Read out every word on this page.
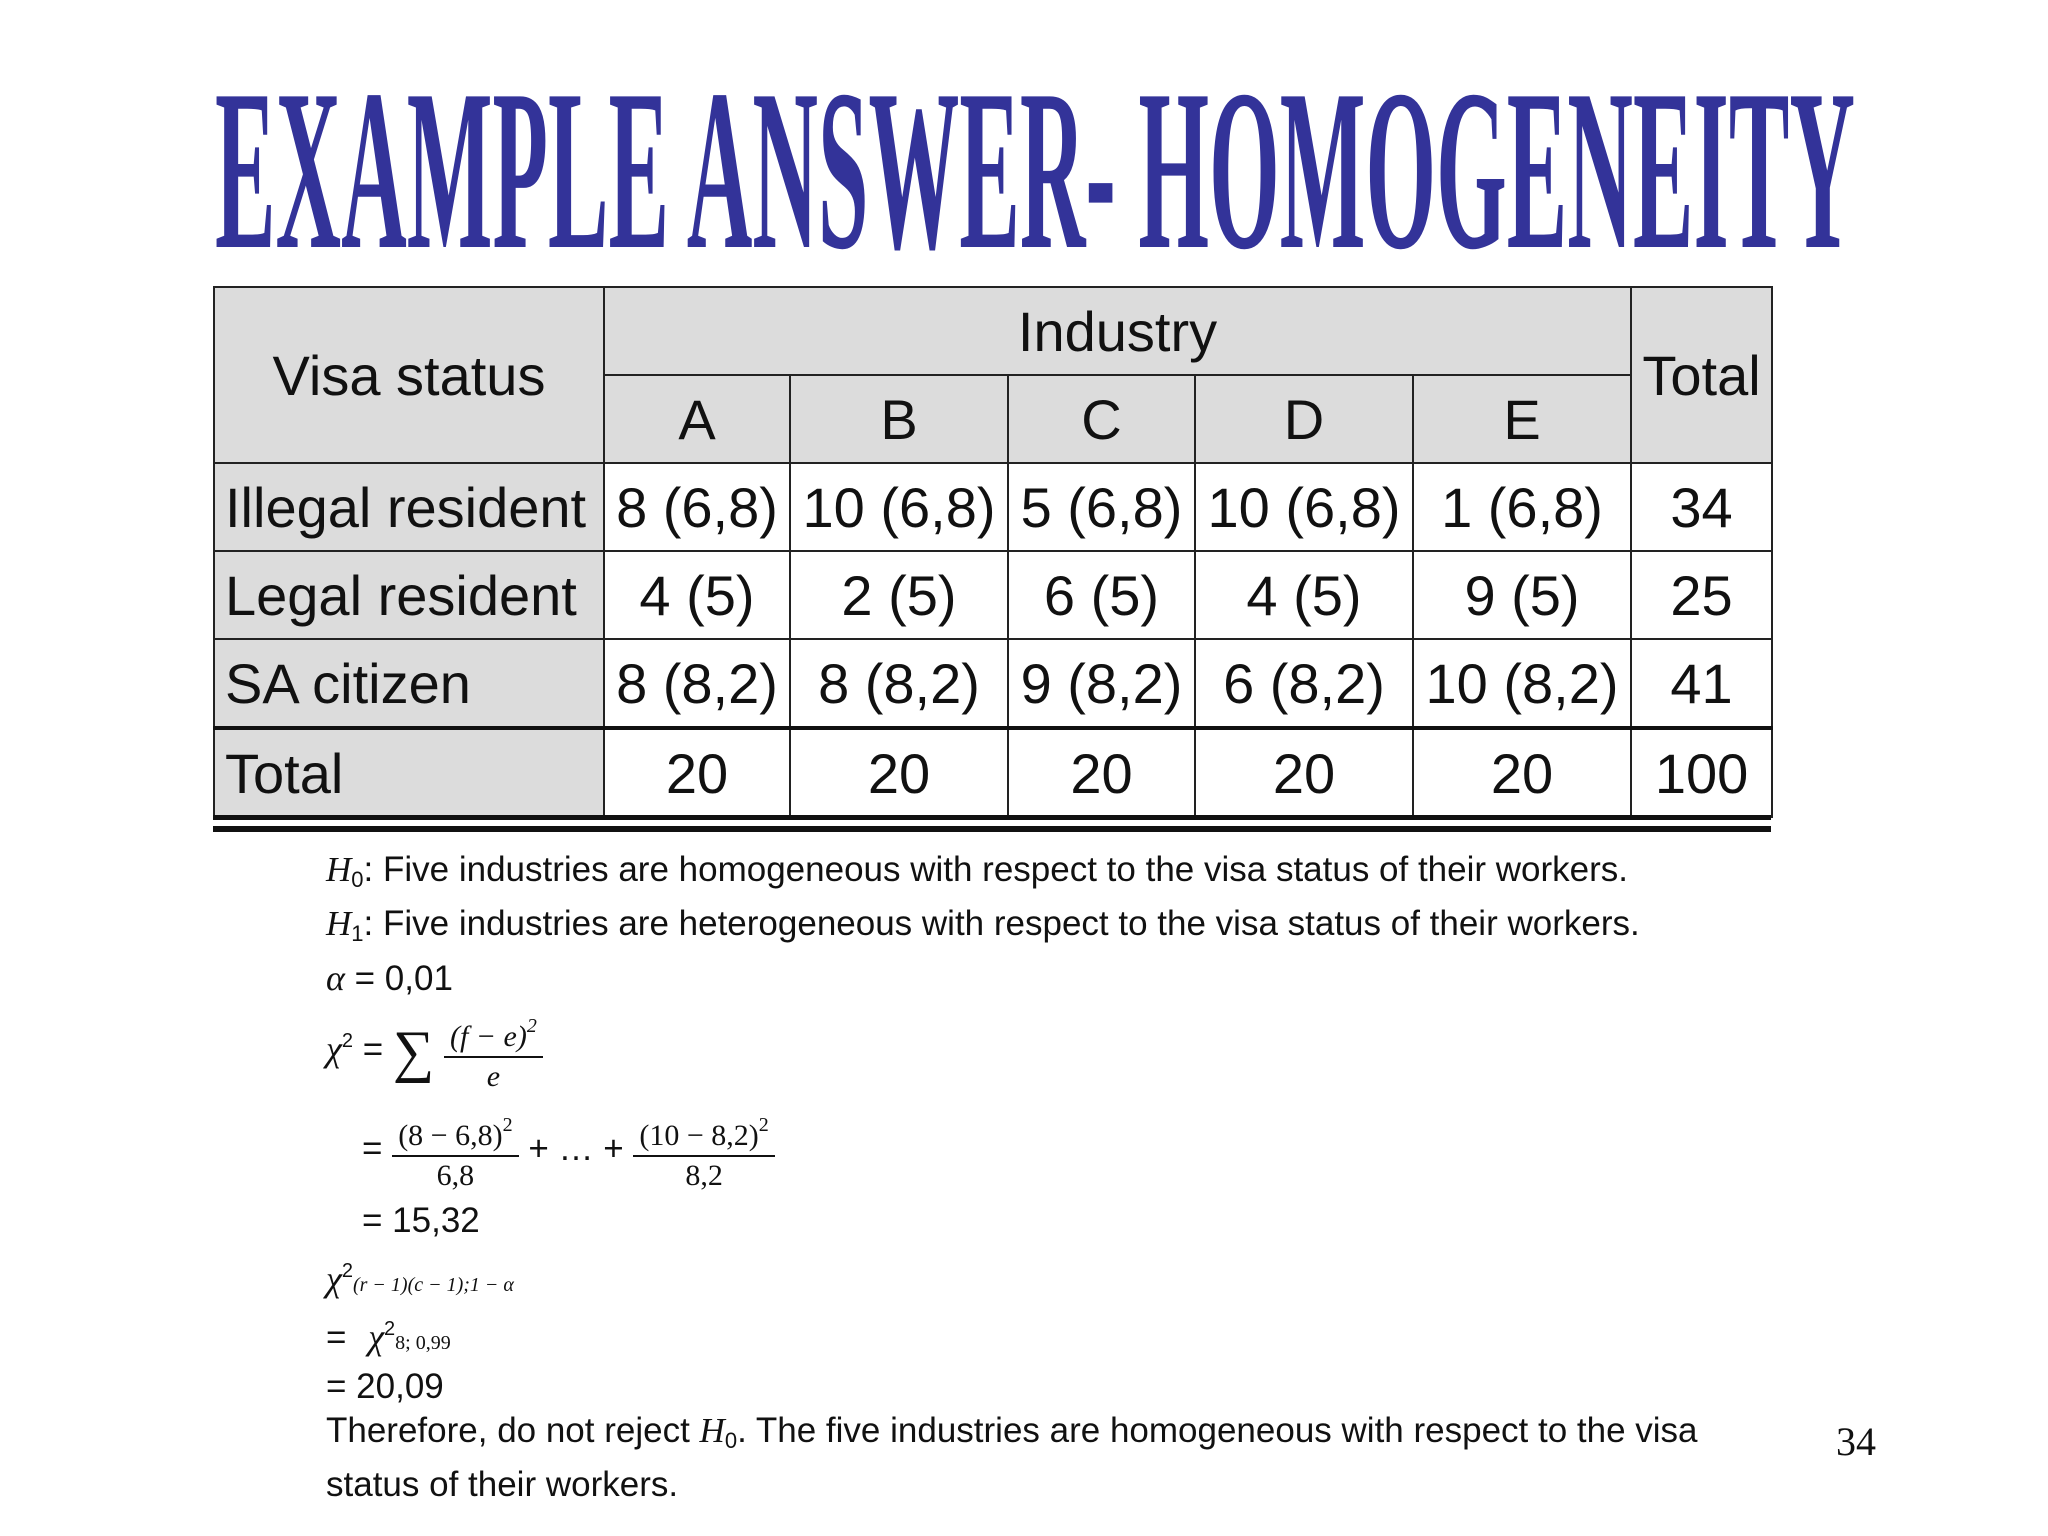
EXAMPLE ANSWER- HOMOGENEITY
Visa status	Industry					Total
	A	B	C	D	E	
Illegal resident	8 (6,8)	10 (6,8)	5 (6,8)	10 (6,8)	1 (6,8)	34
Legal resident	4 (5)	2 (5)	6 (5)	4 (5)	9 (5)	25
SA citizen	8 (8,2)	8 (8,2)	9 (8,2)	6 (8,2)	10 (8,2)	41
Total	20	20	20	20	20	100

$H_0$: Five industries are homogeneous with respect to the visa status of their workers.

$H_1$: Five industries are heterogeneous with respect to the visa status of their workers.

α = 0,01

$\chi^2$ = ∑ $\frac{(f - e)^2}{e}$

= $\frac{(8 - 6,8)^2}{6,8}$ + … + $\frac{(10 - 8,2)^2}{8,2}$

= 15,32

$\chi^2(r - 1)(c$ − 1);1 − α

= $\chi^28$; 0,99

= 20,09

Therefore, do not reject $H_0$. The five industries are homogeneous with respect to the visa status of their workers.

34
